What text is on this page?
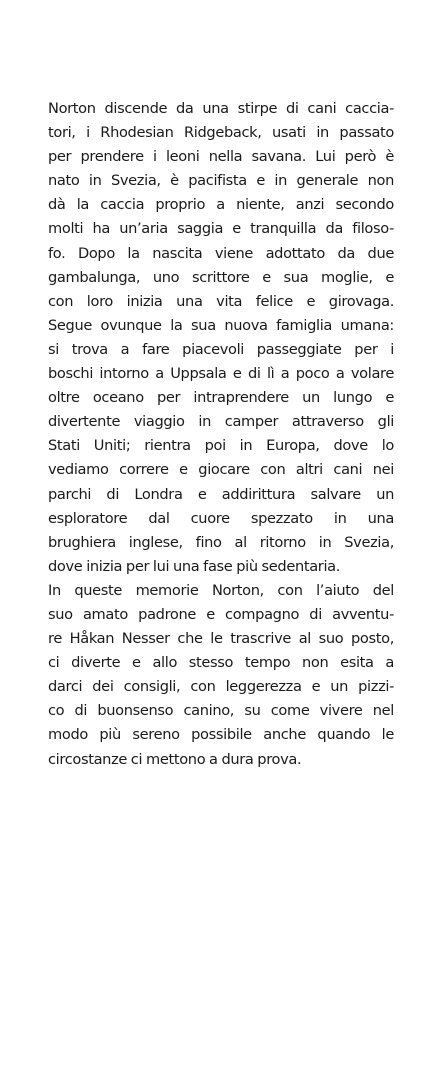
Norton discende da una stirpe di cani caccia-
tori, i Rhodesian Ridgeback, usati in passato
per prendere i leoni nella savana. Lui però è
nato in Svezia, è pacifista e in generale non
dà la caccia proprio a niente, anzi secondo
molti ha un’aria saggia e tranquilla da filoso-
fo. Dopo la nascita viene adottato da due
gambalunga, uno scrittore e sua moglie, e
con loro inizia una vita felice e girovaga.
Segue ovunque la sua nuova famiglia umana:
si trova a fare piacevoli passeggiate per i
boschi intorno a Uppsala e di lì a poco a volare
oltre oceano per intraprendere un lungo e
divertente viaggio in camper attraverso gli
Stati Uniti; rientra poi in Europa, dove lo
vediamo correre e giocare con altri cani nei
parchi di Londra e addirittura salvare un
esploratore dal cuore spezzato in una
brughiera inglese, fino al ritorno in Svezia,
dove inizia per lui una fase più sedentaria.
In queste memorie Norton, con l’aiuto del
suo amato padrone e compagno di avventu-
re Håkan Nesser che le trascrive al suo posto,
ci diverte e allo stesso tempo non esita a
darci dei consigli, con leggerezza e un pizzi-
co di buonsenso canino, su come vivere nel
modo più sereno possibile anche quando le
circostanze ci mettono a dura prova.
